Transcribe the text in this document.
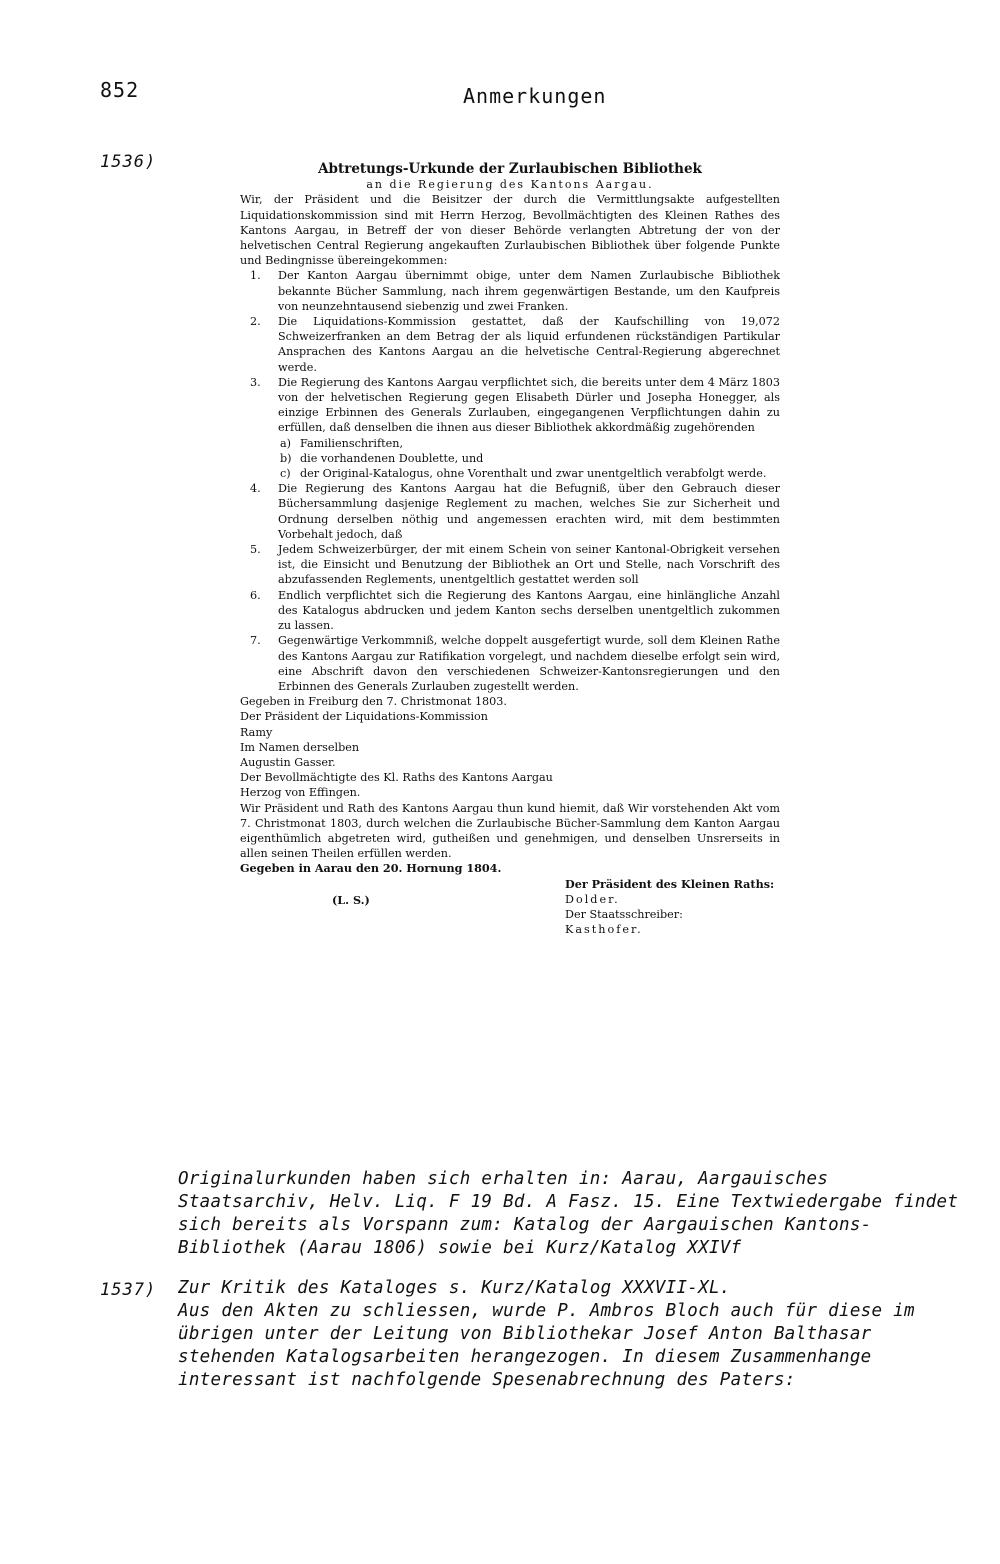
852	Anmerkungen
1536)	Abtretungs-Urkunde der Zurlaubischen Bibliothek

an die Regierung des Kantons Aargau.

Wir, der Präsident und die Beisitzer der durch die Vermittlungsakte aufgestellten Liquidationskommission sind mit Herrn Herzog, Bevollmächtigten des Kleinen Rathes des Kantons Aargau, in Betreff der von dieser Behörde verlangten Abtretung der von der helvetischen Central Regierung angekauften Zurlaubischen Bibliothek über folgende Punkte und Bedingnisse übereingekommen:

1.	Der Kanton Aargau übernimmt obige, unter dem Namen Zurlaubische Bibliothek bekannte Bücher Sammlung, nach ihrem gegenwärtigen Bestande, um den Kaufpreis von neunzehntausend siebenzig und zwei Franken.
2.	Die Liquidations-Kommission gestattet, daß der Kaufschilling von 19,072 Schweizerfranken an dem Betrag der als liquid erfundenen rückständigen Partikular Ansprachen des Kantons Aargau an die helvetische Central-Regierung abgerechnet werde.
3.	Die Regierung des Kantons Aargau verpflichtet sich, die bereits unter dem 4 März 1803 von der helvetischen Regierung gegen Elisabeth Dürler und Josepha Honegger, als einzige Erbinnen des Generals Zurlauben, eingegangenen Verpflichtungen dahin zu erfüllen, daß denselben die ihnen aus dieser Bibliothek akkordmäßig zugehörenden
a) Familienschriften,
b) die vorhandenen Doublette, und
c) der Original-Katalogus, ohne Vorenthalt und zwar unentgeltlich verabfolgt werde.
4.	Die Regierung des Kantons Aargau hat die Befugniß, über den Gebrauch dieser Büchersammlung dasjenige Reglement zu machen, welches Sie zur Sicherheit und Ordnung derselben nöthig und angemessen erachten wird, mit dem bestimmten Vorbehalt jedoch, daß
5.	Jedem Schweizerbürger, der mit einem Schein von seiner Kantonal-Obrigkeit versehen ist, die Einsicht und Benutzung der Bibliothek an Ort und Stelle, nach Vorschrift des abzufassenden Reglements, unentgeltlich gestattet werden soll
6.	Endlich verpflichtet sich die Regierung des Kantons Aargau, eine hinlängliche Anzahl des Katalogus abdrucken und jedem Kanton sechs derselben unentgeltlich zukommen zu lassen.
7.	Gegenwärtige Verkommniß, welche doppelt ausgefertigt wurde, soll dem Kleinen Rathe des Kantons Aargau zur Ratifikation vorgelegt, und nachdem dieselbe erfolgt sein wird, eine Abschrift davon den verschiedenen Schweizer-Kantonsregierungen und den Erbinnen des Generals Zurlauben zugestellt werden.

Gegeben in Freiburg den 7. Christmonat 1803.

Der Präsident der Liquidations-Kommission

Ramy

Im Namen derselben

Augustin Gasser.

Der Bevollmächtigte des Kl. Raths des Kantons Aargau

Herzog von Effingen.

Wir Präsident und Rath des Kantons Aargau thun kund hiemit, daß Wir vorstehenden Akt vom 7. Christmonat 1803, durch welchen die Zurlaubische Bücher-Sammlung dem Kanton Aargau eigenthümlich abgetreten wird, gutheißen und genehmigen, und denselben Unsrerseits in allen seinen Theilen erfüllen werden.

Gegeben in Aarau den 20. Hornung 1804.

(L. S.)

Der Präsident des Kleinen Raths:

Dolder.

Der Staatsschreiber:

Kasthofer.

Originalurkunden haben sich erhalten in: Aarau, Aargauisches Staatsarchiv, Helv. Liq. F 19 Bd. A Fasz. 15. Eine Textwiedergabe findet sich bereits als Vorspann zum: Katalog der Aargauischen Kantons-Bibliothek (Aarau 1806) sowie bei Kurz/Katalog XXIVf

1537) Zur Kritik des Kataloges s. Kurz/Katalog XXXVII-XL.

Aus den Akten zu schliessen, wurde P. Ambros Bloch auch für diese im übrigen unter der Leitung von Bibliothekar Josef Anton Balthasar stehenden Katalogsarbeiten herangezogen. In diesem Zusammenhange interessant ist nachfolgende Spesenabrechnung des Paters:
